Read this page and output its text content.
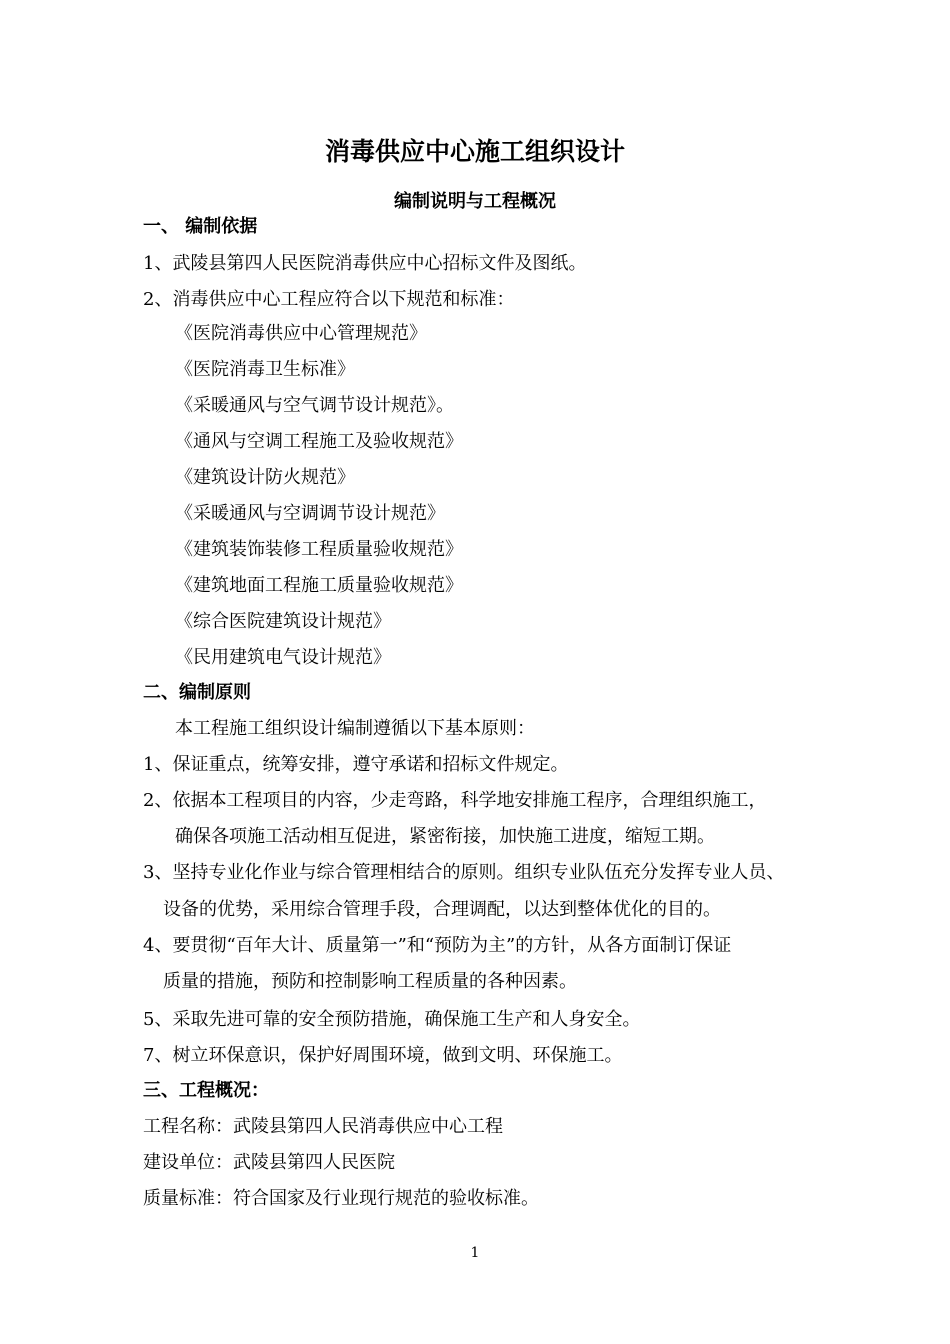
消毒供应中心施工组织设计
编制说明与工程概况
一、 编制依据
1、武陵县第四人民医院消毒供应中心招标文件及图纸。
2、消毒供应中心工程应符合以下规范和标准：
《医院消毒供应中心管理规范》
《医院消毒卫生标准》
《采暖通风与空气调节设计规范》。
《通风与空调工程施工及验收规范》
《建筑设计防火规范》
《采暖通风与空调调节设计规范》
《建筑装饰装修工程质量验收规范》
《建筑地面工程施工质量验收规范》
《综合医院建筑设计规范》
《民用建筑电气设计规范》
二、编制原则
本工程施工组织设计编制遵循以下基本原则：
1、保证重点，统筹安排，遵守承诺和招标文件规定。
2、依据本工程项目的内容，少走弯路，科学地安排施工程序，合理组织施工，
确保各项施工活动相互促进，紧密衔接，加快施工进度，缩短工期。
3、坚持专业化作业与综合管理相结合的原则。组织专业队伍充分发挥专业人员、
设备的优势，采用综合管理手段，合理调配，以达到整体优化的目的。
4、要贯彻“百年大计、质量第一”和“预防为主”的方针，从各方面制订保证
质量的措施，预防和控制影响工程质量的各种因素。
5、采取先进可靠的安全预防措施，确保施工生产和人身安全。
7、树立环保意识，保护好周围环境，做到文明、环保施工。
三、工程概况：
工程名称：武陵县第四人民消毒供应中心工程
建设单位：武陵县第四人民医院
质量标准：符合国家及行业现行规范的验收标准。
1
